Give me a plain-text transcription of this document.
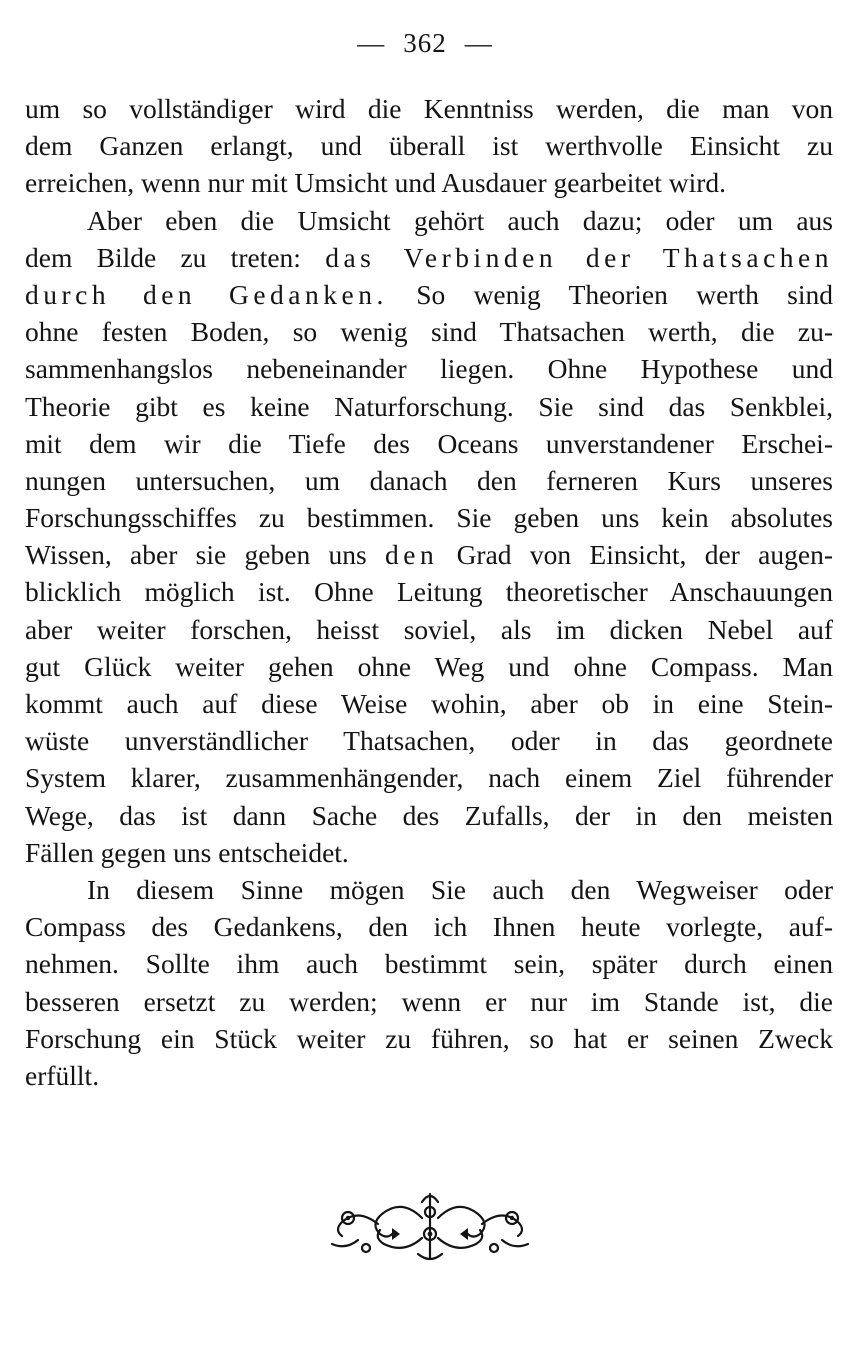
— 362 —
um so vollständiger wird die Kenntniss werden, die man von
dem Ganzen erlangt, und überall ist werthvolle Einsicht zu
erreichen, wenn nur mit Umsicht und Ausdauer gearbeitet wird.
Aber eben die Umsicht gehört auch dazu; oder um aus
dem Bilde zu treten: das Verbinden der Thatsachen
durch den Gedanken. So wenig Theorien werth sind
ohne festen Boden, so wenig sind Thatsachen werth, die zu-
sammenhangslos nebeneinander liegen. Ohne Hypothese und
Theorie gibt es keine Naturforschung. Sie sind das Senkblei,
mit dem wir die Tiefe des Oceans unverstandener Erschei-
nungen untersuchen, um danach den ferneren Kurs unseres
Forschungsschiffes zu bestimmen. Sie geben uns kein absolutes
Wissen, aber sie geben uns den Grad von Einsicht, der augen-
blicklich möglich ist. Ohne Leitung theoretischer Anschauungen
aber weiter forschen, heisst soviel, als im dicken Nebel auf
gut Glück weiter gehen ohne Weg und ohne Compass. Man
kommt auch auf diese Weise wohin, aber ob in eine Stein-
wüste unverständlicher Thatsachen, oder in das geordnete
System klarer, zusammenhängender, nach einem Ziel führender
Wege, das ist dann Sache des Zufalls, der in den meisten
Fällen gegen uns entscheidet.
In diesem Sinne mögen Sie auch den Wegweiser oder
Compass des Gedankens, den ich Ihnen heute vorlegte, auf-
nehmen. Sollte ihm auch bestimmt sein, später durch einen
besseren ersetzt zu werden; wenn er nur im Stande ist, die
Forschung ein Stück weiter zu führen, so hat er seinen Zweck
erfüllt.
